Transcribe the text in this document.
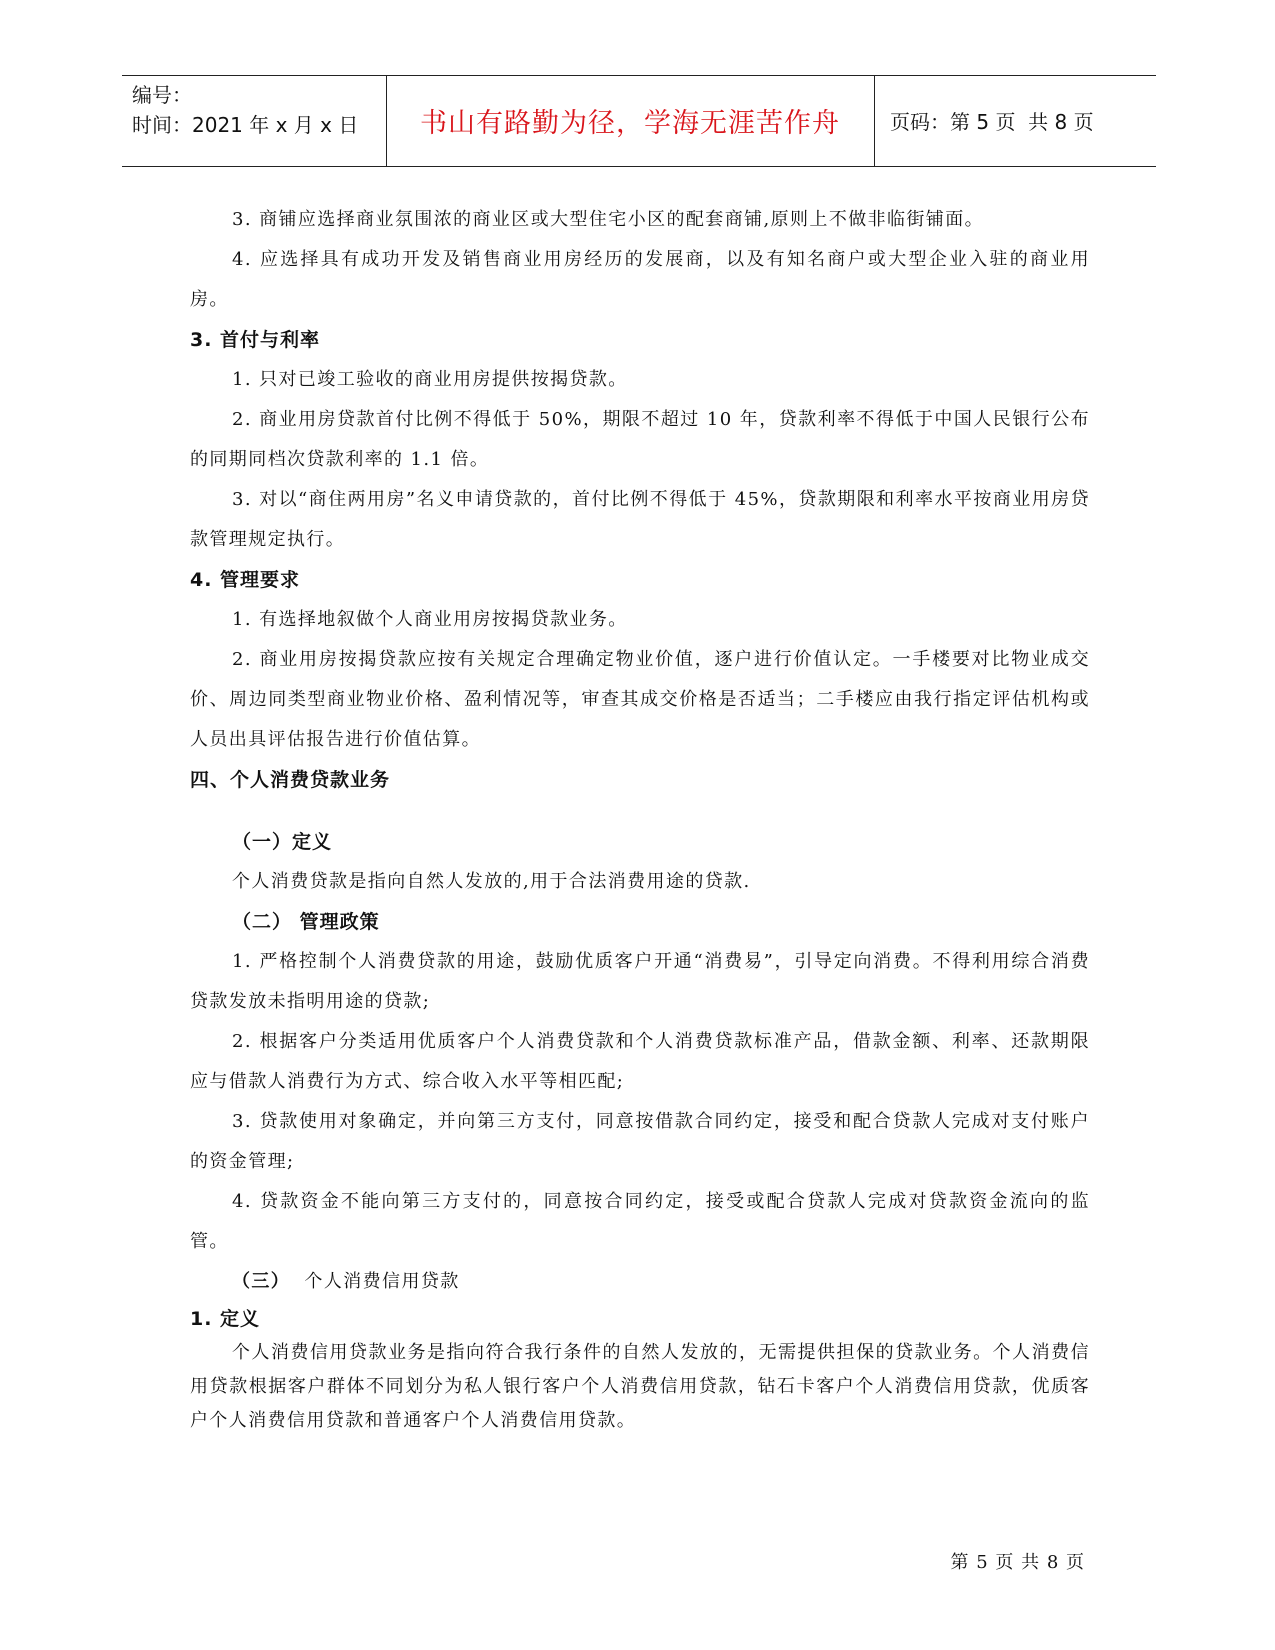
编号：
时间：2021 年 x 月 x 日	书山有路勤为径，学海无涯苦作舟	页码：第 5 页  共 8 页

3. 商铺应选择商业氛围浓的商业区或大型住宅小区的配套商铺,原则上不做非临街铺面。

4. 应选择具有成功开发及销售商业用房经历的发展商，以及有知名商户或大型企业入驻的商业用房。

3. 首付与利率

1. 只对已竣工验收的商业用房提供按揭贷款。

2. 商业用房贷款首付比例不得低于 50%，期限不超过 10 年，贷款利率不得低于中国人民银行公布的同期同档次贷款利率的 1.1 倍。

3. 对以“商住两用房”名义申请贷款的，首付比例不得低于 45%，贷款期限和利率水平按商业用房贷款管理规定执行。

4. 管理要求

1. 有选择地叙做个人商业用房按揭贷款业务。

2. 商业用房按揭贷款应按有关规定合理确定物业价值，逐户进行价值认定。一手楼要对比物业成交价、周边同类型商业物业价格、盈利情况等，审查其成交价格是否适当；二手楼应由我行指定评估机构或人员出具评估报告进行价值估算。

四、个人消费贷款业务

（一）定义

个人消费贷款是指向自然人发放的,用于合法消费用途的贷款.

（二） 管理政策

1. 严格控制个人消费贷款的用途，鼓励优质客户开通“消费易”，引导定向消费。不得利用综合消费贷款发放未指明用途的贷款;

2. 根据客户分类适用优质客户个人消费贷款和个人消费贷款标准产品，借款金额、利率、还款期限应与借款人消费行为方式、综合收入水平等相匹配;

3. 贷款使用对象确定，并向第三方支付，同意按借款合同约定，接受和配合贷款人完成对支付账户的资金管理;

4. 贷款资金不能向第三方支付的，同意按合同约定，接受或配合贷款人完成对贷款资金流向的监管。

（三） 个人消费信用贷款

1. 定义

个人消费信用贷款业务是指向符合我行条件的自然人发放的，无需提供担保的贷款业务。个人消费信用贷款根据客户群体不同划分为私人银行客户个人消费信用贷款，钻石卡客户个人消费信用贷款，优质客户个人消费信用贷款和普通客户个人消费信用贷款。

第 5 页 共 8 页
